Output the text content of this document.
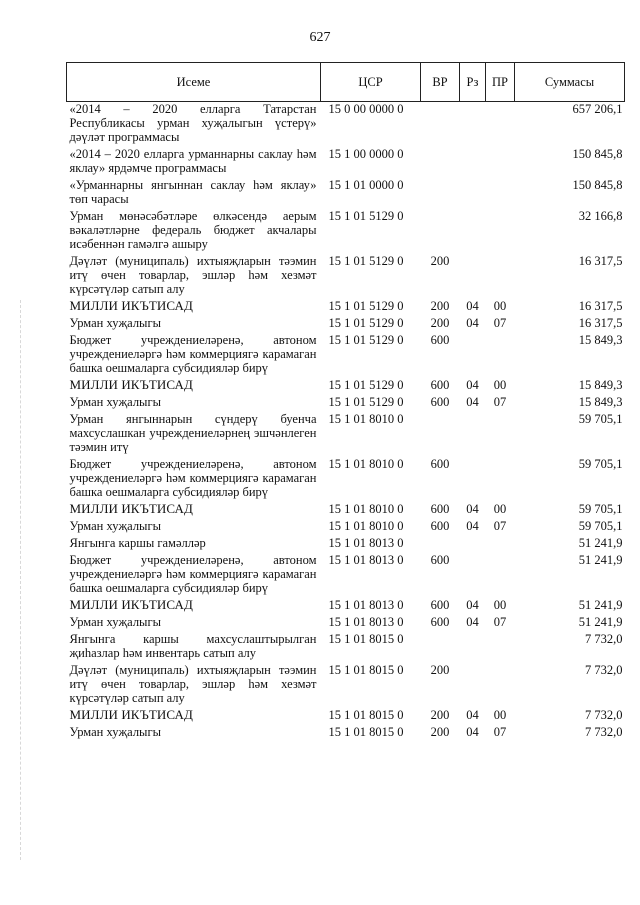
627
Исеме	ЦСР	ВР	Рз	ПР	Суммасы
«2014 – 2020 елларга Татарстан Республикасы урман хуҗалыгын үстерү» дәүләт программасы	15 0 00 0000 0				657 206,1
«2014 – 2020 елларга урманнарны саклау һәм яклау» ярдәмче программасы	15 1 00 0000 0				150 845,8
«Урманнарны янгыннан саклау һәм яклау» төп чарасы	15 1 01 0000 0				150 845,8
Урман мөнәсәбәтләре өлкәсендә аерым вәкаләтләрне федераль бюджет акчалары исәбеннән гамәлгә ашыру	15 1 01 5129 0				32 166,8
Дәүләт (муниципаль) ихтыяҗларын тәэмин итү өчен товарлар, эшләр һәм хезмәт күрсәтүләр сатып алу	15 1 01 5129 0	200			16 317,5
МИЛЛИ ИКЪТИСАД	15 1 01 5129 0	200	04	00	16 317,5
Урман хуҗалыгы	15 1 01 5129 0	200	04	07	16 317,5
Бюджет учреждениеләренә, автоном учреждениеләргә һәм коммерциягә карамаган башка оешмаларга субсидияләр бирү	15 1 01 5129 0	600			15 849,3
МИЛЛИ ИКЪТИСАД	15 1 01 5129 0	600	04	00	15 849,3
Урман хуҗалыгы	15 1 01 5129 0	600	04	07	15 849,3
Урман янгыннарын сүндерү буенча махсуслашкан учреждениеләрнең эшчәнлеген тәэмин итү	15 1 01 8010 0				59 705,1
Бюджет учреждениеләренә, автоном учреждениеләргә һәм коммерциягә карамаган башка оешмаларга субсидияләр бирү	15 1 01 8010 0	600			59 705,1
МИЛЛИ ИКЪТИСАД	15 1 01 8010 0	600	04	00	59 705,1
Урман хуҗалыгы	15 1 01 8010 0	600	04	07	59 705,1
Янгынга каршы гамәлләр	15 1 01 8013 0				51 241,9
Бюджет учреждениеләренә, автоном учреждениеләргә һәм коммерциягә карамаган башка оешмаларга субсидияләр бирү	15 1 01 8013 0	600			51 241,9
МИЛЛИ ИКЪТИСАД	15 1 01 8013 0	600	04	00	51 241,9
Урман хуҗалыгы	15 1 01 8013 0	600	04	07	51 241,9
Янгынга каршы махсуслаштырылган җиһазлар һәм инвентарь сатып алу	15 1 01 8015 0				7 732,0
Дәүләт (муниципаль) ихтыяҗларын тәэмин итү өчен товарлар, эшләр һәм хезмәт күрсәтүләр сатып алу	15 1 01 8015 0	200			7 732,0
МИЛЛИ ИКЪТИСАД	15 1 01 8015 0	200	04	00	7 732,0
Урман хуҗалыгы	15 1 01 8015 0	200	04	07	7 732,0
